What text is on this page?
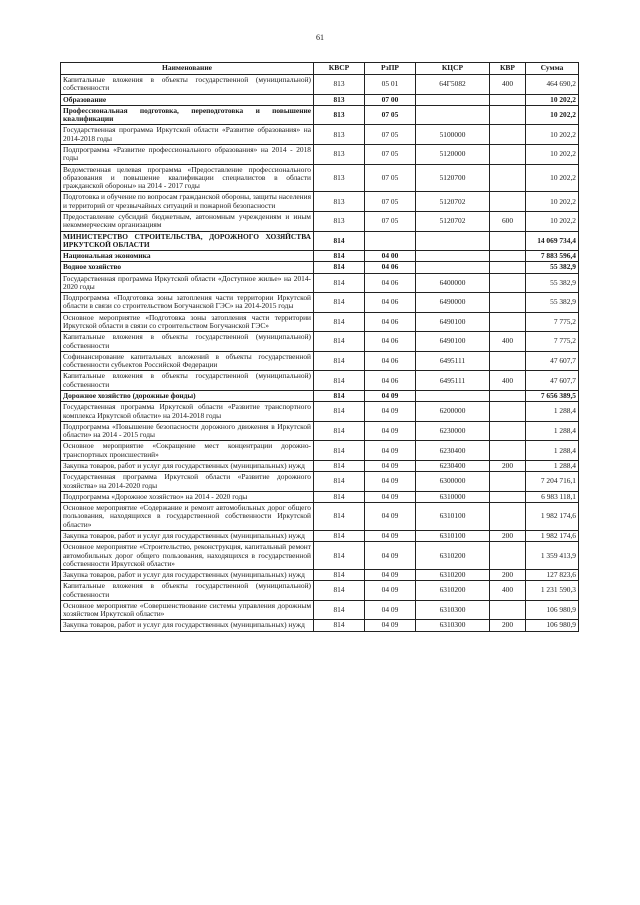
61
Наименование	КВСР	РзПР	КЦСР	КВР	Сумма
Капитальные вложения в объекты государственной (муниципальной) собственности	813	05 01	64Г5082	400	464 690,2
Образование	813	07 00			10 202,2
Профессиональная подготовка, переподготовка и повышение квалификации	813	07 05			10 202,2
Государственная программа Иркутской области «Развитие образования» на 2014-2018 годы	813	07 05	5100000		10 202,2
Подпрограмма «Развитие профессионального образования» на 2014 - 2018 годы	813	07 05	5120000		10 202,2
Ведомственная целевая программа «Предоставление профессионального образования и повышение квалификации специалистов в области гражданской обороны» на 2014 - 2017 годы	813	07 05	5120700		10 202,2
Подготовка и обучение по вопросам гражданской обороны, защиты населения и территорий от чрезвычайных ситуаций и пожарной безопасности	813	07 05	5120702		10 202,2
Предоставление субсидий бюджетным, автономным учреждениям и иным некоммерческим организациям	813	07 05	5120702	600	10 202,2
МИНИСТЕРСТВО СТРОИТЕЛЬСТВА, ДОРОЖНОГО ХОЗЯЙСТВА ИРКУТСКОЙ ОБЛАСТИ	814				14 069 734,4
Национальная экономика	814	04 00			7 883 596,4
Водное хозяйство	814	04 06			55 382,9
Государственная программа Иркутской области «Доступное жилье» на 2014-2020 годы	814	04 06	6400000		55 382,9
Подпрограмма «Подготовка зоны затопления части территории Иркутской области в связи со строительством Богучанской ГЭС» на 2014-2015 годы	814	04 06	6490000		55 382,9
Основное мероприятие «Подготовка зоны затопления части территории Иркутской области в связи со строительством Богучанской ГЭС»	814	04 06	6490100		7 775,2
Капитальные вложения в объекты государственной (муниципальной) собственности	814	04 06	6490100	400	7 775,2
Софинансирование капитальных вложений в объекты государственной собственности субъектов Российской Федерации	814	04 06	6495111		47 607,7
Капитальные вложения в объекты государственной (муниципальной) собственности	814	04 06	6495111	400	47 607,7
Дорожное хозяйство (дорожные фонды)	814	04 09			7 656 389,5
Государственная программа Иркутской области «Развитие транспортного комплекса Иркутской области» на 2014-2018 годы	814	04 09	6200000		1 288,4
Подпрограмма «Повышение безопасности дорожного движения в Иркутской области» на 2014 - 2015 годы	814	04 09	6230000		1 288,4
Основное мероприятие «Сокращение мест концентрации дорожно-транспортных происшествий»	814	04 09	6230400		1 288,4
Закупка товаров, работ и услуг для государственных (муниципальных) нужд	814	04 09	6230400	200	1 288,4
Государственная программа Иркутской области «Развитие дорожного хозяйства» на 2014-2020 годы	814	04 09	6300000		7 204 716,1
Подпрограмма «Дорожное хозяйство» на 2014 - 2020 годы	814	04 09	6310000		6 983 118,1
Основное мероприятие «Содержание и ремонт автомобильных дорог общего пользования, находящихся в государственной собственности Иркутской области»	814	04 09	6310100		1 982 174,6
Закупка товаров, работ и услуг для государственных (муниципальных) нужд	814	04 09	6310100	200	1 982 174,6
Основное мероприятие «Строительство, реконструкция, капитальный ремонт автомобильных дорог общего пользования, находящихся в государственной собственности Иркутской области»	814	04 09	6310200		1 359 413,9
Закупка товаров, работ и услуг для государственных (муниципальных) нужд	814	04 09	6310200	200	127 823,6
Капитальные вложения в объекты государственной (муниципальной) собственности	814	04 09	6310200	400	1 231 590,3
Основное мероприятие «Совершенствование системы управления дорожным хозяйством Иркутской области»	814	04 09	6310300		106 980,9
Закупка товаров, работ и услуг для государственных (муниципальных) нужд	814	04 09	6310300	200	106 980,9
